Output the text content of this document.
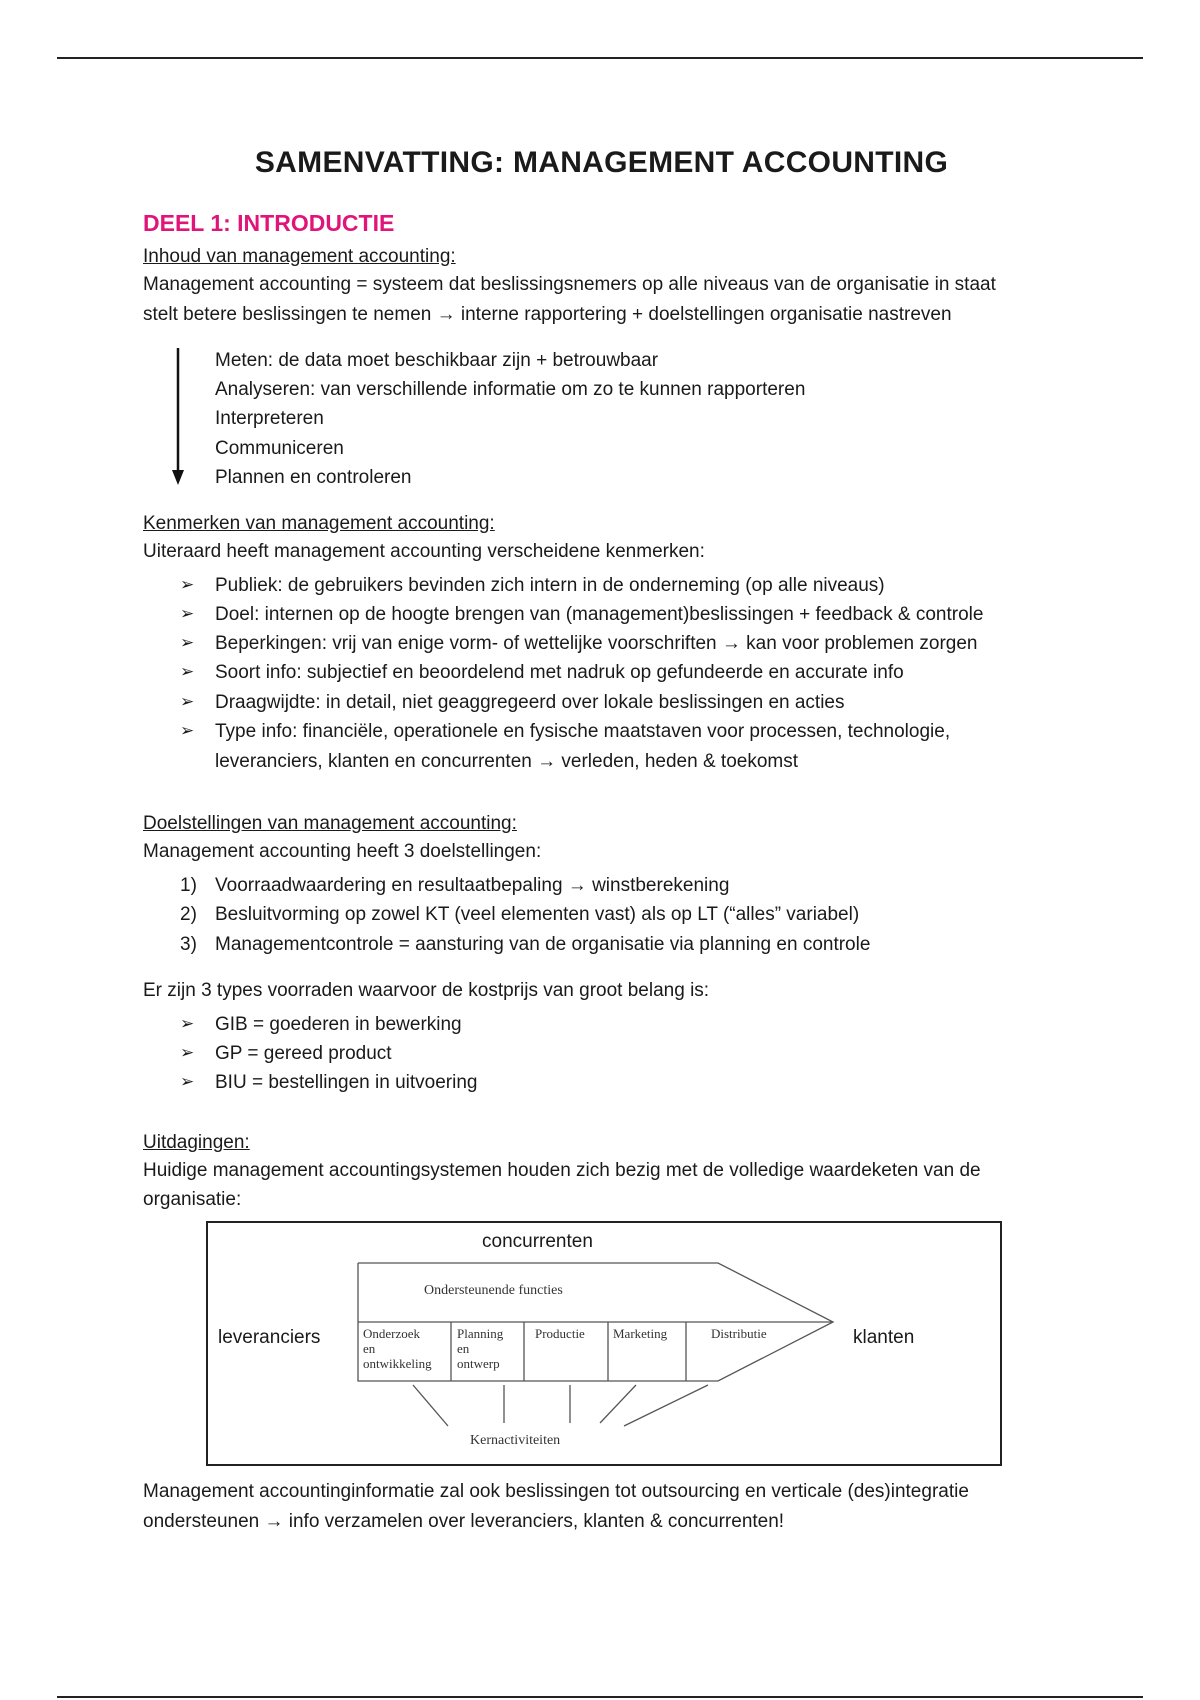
SAMENVATTING: MANAGEMENT ACCOUNTING
DEEL 1: INTRODUCTIE
Inhoud van management accounting:
Management accounting = systeem dat beslissingsnemers op alle niveaus van de organisatie in staat
stelt betere beslissingen te nemen → interne rapportering + doelstellingen organisatie nastreven
Meten: de data moet beschikbaar zijn + betrouwbaar
Analyseren: van verschillende informatie om zo te kunnen rapporteren
Interpreteren
Communiceren
Plannen en controleren
Kenmerken van management accounting:
Uiteraard heeft management accounting verscheidene kenmerken:
➢ Publiek: de gebruikers bevinden zich intern in de onderneming (op alle niveaus)
➢ Doel: internen op de hoogte brengen van (management)beslissingen + feedback & controle
➢ Beperkingen: vrij van enige vorm- of wettelijke voorschriften → kan voor problemen zorgen
➢ Soort info: subjectief en beoordelend met nadruk op gefundeerde en accurate info
➢ Draagwijdte: in detail, niet geaggregeerd over lokale beslissingen en acties
➢ Type info: financiële, operationele en fysische maatstaven voor processen, technologie,
leveranciers, klanten en concurrenten → verleden, heden & toekomst
Doelstellingen van management accounting:
Management accounting heeft 3 doelstellingen:
1) Voorraadwaardering en resultaatbepaling → winstberekening
2) Besluitvorming op zowel KT (veel elementen vast) als op LT (“alles” variabel)
3) Managementcontrole = aansturing van de organisatie via planning en controle
Er zijn 3 types voorraden waarvoor de kostprijs van groot belang is:
➢ GIB = goederen in bewerking
➢ GP = gereed product
➢ BIU = bestellingen in uitvoering
Uitdagingen:
Huidige management accountingsystemen houden zich bezig met de volledige waardeketen van de
organisatie:
Management accountinginformatie zal ook beslissingen tot outsourcing en verticale (des)integratie
ondersteunen → info verzamelen over leveranciers, klanten & concurrenten!
concurrenten
leveranciers	klanten
Ondersteunende functies
Kernactiviteiten
Onderzoek
en
ontwikkeling
Planning
en
ontwerp
Productie Marketing	Distributie
